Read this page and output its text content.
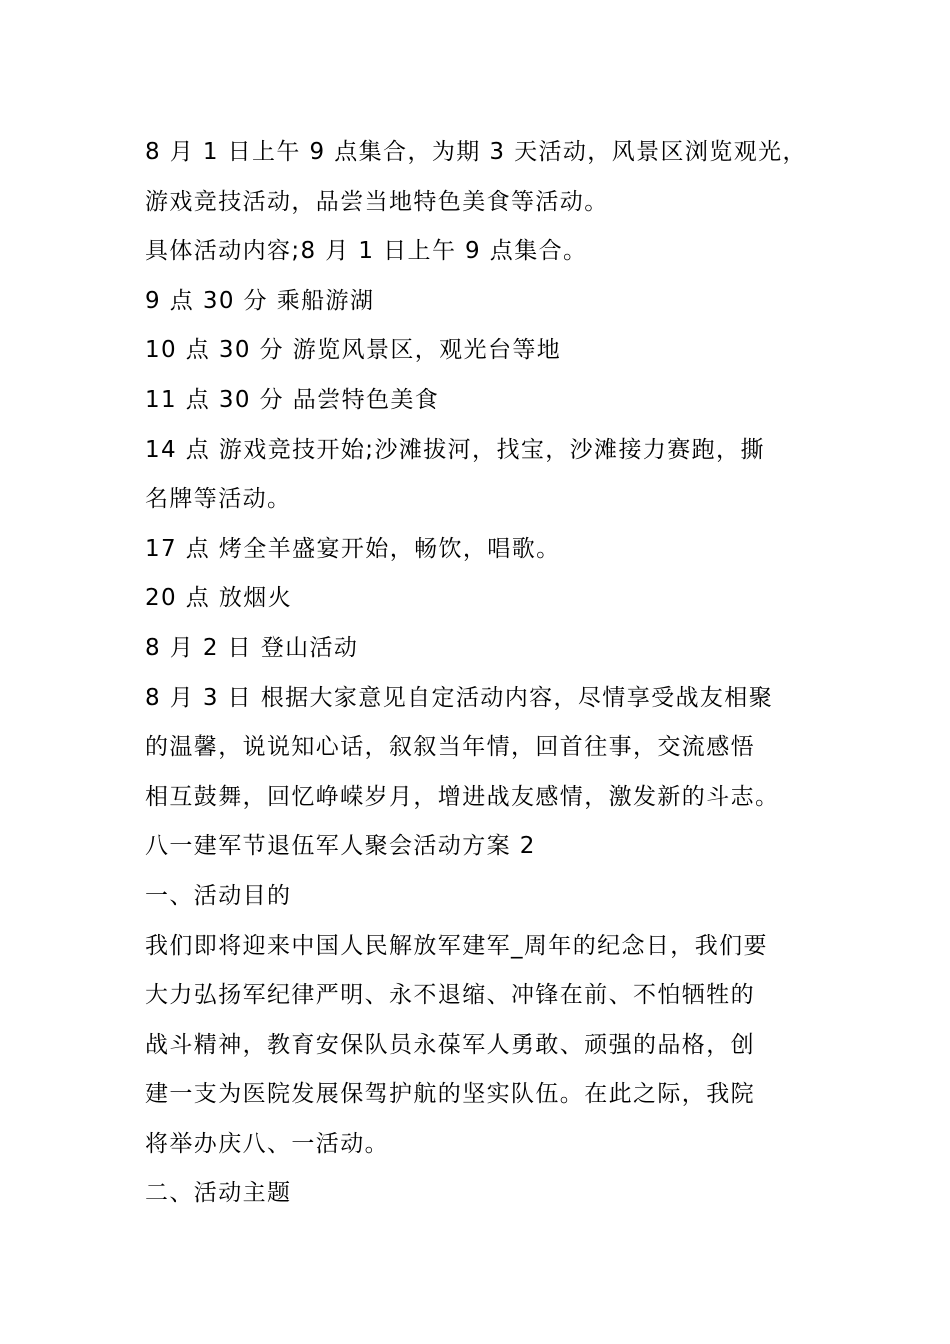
8 月 1 日上午 9 点集合，为期 3 天活动，风景区浏览观光，
游戏竞技活动，品尝当地特色美食等活动。
具体活动内容;8 月 1 日上午 9 点集合。
9 点 30 分 乘船游湖
10 点 30 分 游览风景区，观光台等地
11 点 30 分 品尝特色美食
14 点 游戏竞技开始;沙滩拔河，找宝，沙滩接力赛跑，撕
名牌等活动。
17 点 烤全羊盛宴开始，畅饮，唱歌。
20 点 放烟火
8 月 2 日 登山活动
8 月 3 日 根据大家意见自定活动内容，尽情享受战友相聚
的温馨，说说知心话，叙叙当年情，回首往事，交流感悟
相互鼓舞，回忆峥嵘岁月，增进战友感情，激发新的斗志。
八一建军节退伍军人聚会活动方案 2
一、活动目的
我们即将迎来中国人民解放军建军_周年的纪念日，我们要
大力弘扬军纪律严明、永不退缩、冲锋在前、不怕牺牲的
战斗精神，教育安保队员永葆军人勇敢、顽强的品格，创
建一支为医院发展保驾护航的坚实队伍。在此之际，我院
将举办庆八、一活动。
二、活动主题
